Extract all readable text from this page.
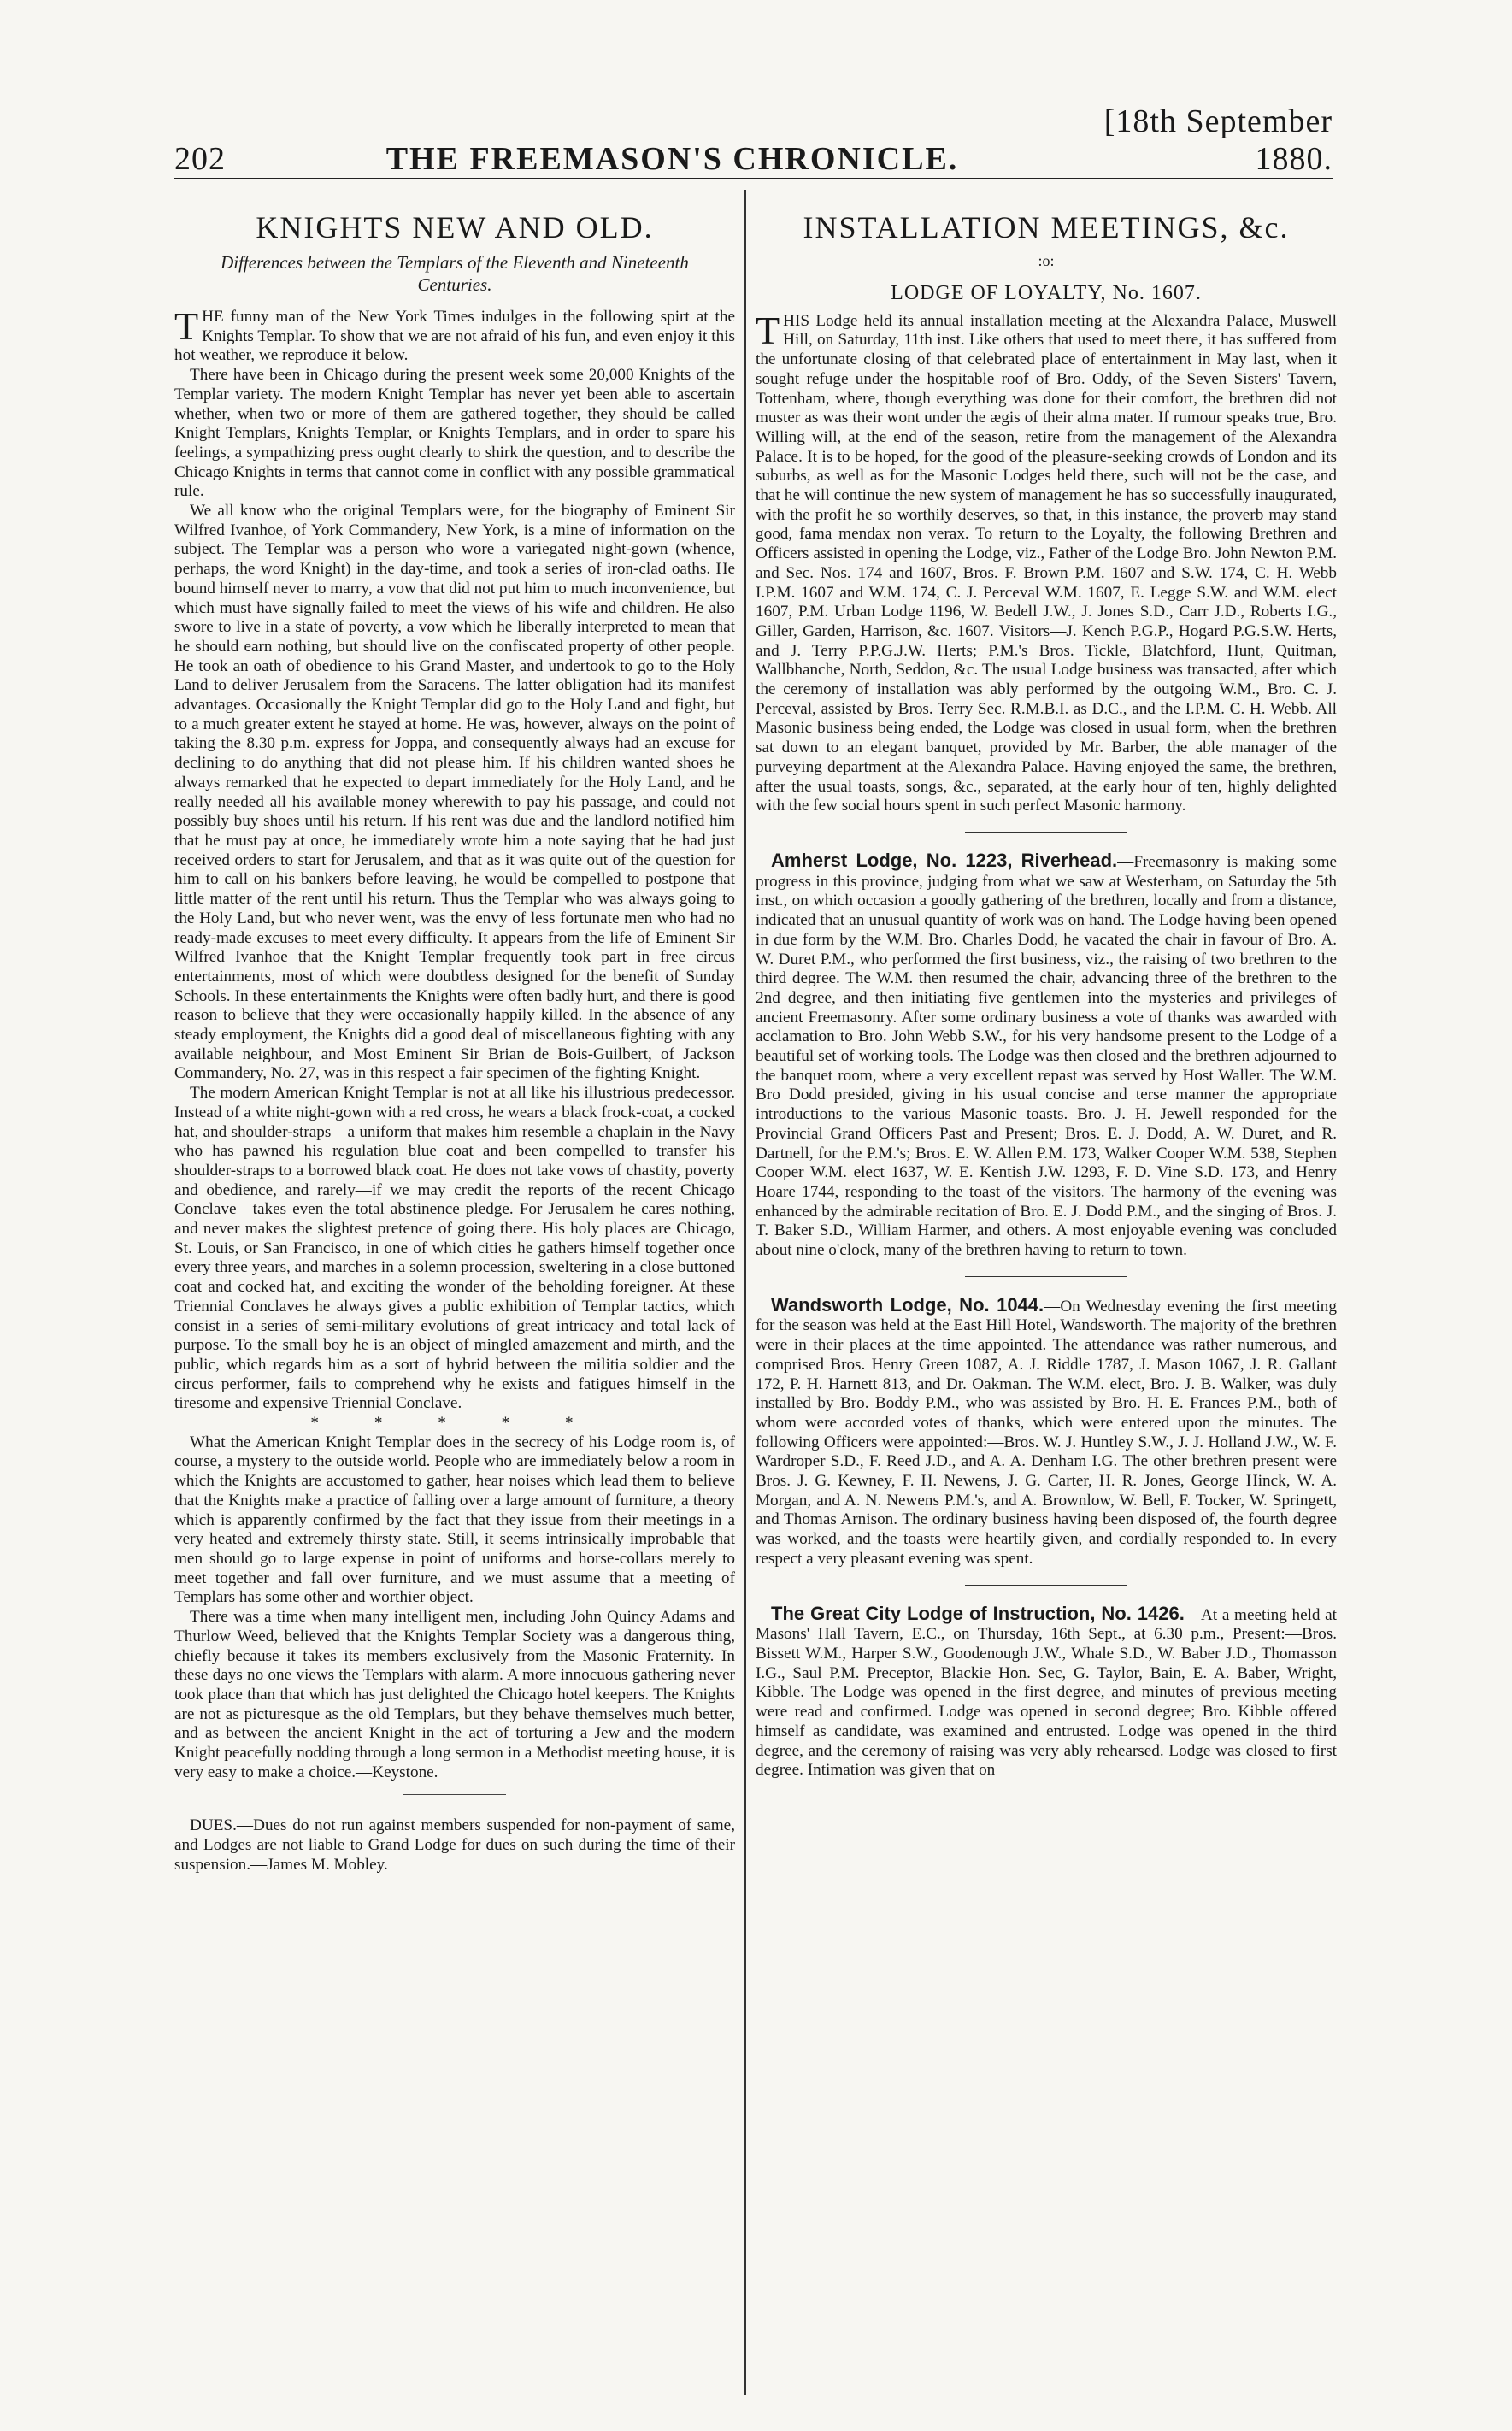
202	THE FREEMASON'S CHRONICLE.
[18th September 1880.
KNIGHTS NEW AND OLD.
Differences between the Templars of the Eleventh and Nineteenth Centuries.

THE funny man of the New York Times indulges in the following spirt at the Knights Templar. To show that we are not afraid of his fun, and even enjoy it this hot weather, we reproduce it below.

There have been in Chicago during the present week some 20,000 Knights of the Templar variety. The modern Knight Templar has never yet been able to ascertain whether, when two or more of them are gathered together, they should be called Knight Templars, Knights Templar, or Knights Templars, and in order to spare his feelings, a sympathizing press ought clearly to shirk the question, and to describe the Chicago Knights in terms that cannot come in conflict with any possible grammatical rule.

We all know who the original Templars were, for the biography of Eminent Sir Wilfred Ivanhoe, of York Commandery, New York, is a mine of information on the subject. The Templar was a person who wore a variegated night-gown (whence, perhaps, the word Knight) in the day-time, and took a series of iron-clad oaths. He bound himself never to marry, a vow that did not put him to much inconvenience, but which must have signally failed to meet the views of his wife and children. He also swore to live in a state of poverty, a vow which he liberally interpreted to mean that he should earn nothing, but should live on the confiscated property of other people. He took an oath of obedience to his Grand Master, and undertook to go to the Holy Land to deliver Jerusalem from the Saracens. The latter obligation had its manifest advantages. Occasionally the Knight Templar did go to the Holy Land and fight, but to a much greater extent he stayed at home. He was, however, always on the point of taking the 8.30 p.m. express for Joppa, and consequently always had an excuse for declining to do anything that did not please him. If his children wanted shoes he always remarked that he expected to depart immediately for the Holy Land, and he really needed all his available money wherewith to pay his passage, and could not possibly buy shoes until his return. If his rent was due and the landlord notified him that he must pay at once, he immediately wrote him a note saying that he had just received orders to start for Jerusalem, and that as it was quite out of the question for him to call on his bankers before leaving, he would be compelled to postpone that little matter of the rent until his return. Thus the Templar who was always going to the Holy Land, but who never went, was the envy of less fortunate men who had no ready-made excuses to meet every difficulty. It appears from the life of Eminent Sir Wilfred Ivanhoe that the Knight Templar frequently took part in free circus entertainments, most of which were doubtless designed for the benefit of Sunday Schools. In these entertainments the Knights were often badly hurt, and there is good reason to believe that they were occasionally happily killed. In the absence of any steady employment, the Knights did a good deal of miscellaneous fighting with any available neighbour, and Most Eminent Sir Brian de Bois-Guilbert, of Jackson Commandery, No. 27, was in this respect a fair specimen of the fighting Knight.

The modern American Knight Templar is not at all like his illustrious predecessor. Instead of a white night-gown with a red cross, he wears a black frock-coat, a cocked hat, and shoulder-straps—a uniform that makes him resemble a chaplain in the Navy who has pawned his regulation blue coat and been compelled to transfer his shoulder-straps to a borrowed black coat. He does not take vows of chastity, poverty and obedience, and rarely—if we may credit the reports of the recent Chicago Conclave—takes even the total abstinence pledge. For Jerusalem he cares nothing, and never makes the slightest pretence of going there. His holy places are Chicago, St. Louis, or San Francisco, in one of which cities he gathers himself together once every three years, and marches in a solemn procession, sweltering in a close buttoned coat and cocked hat, and exciting the wonder of the beholding foreigner. At these Triennial Conclaves he always gives a public exhibition of Templar tactics, which consist in a series of semi-military evolutions of great intricacy and total lack of purpose. To the small boy he is an object of mingled amazement and mirth, and the public, which regards him as a sort of hybrid between the militia soldier and the circus performer, fails to comprehend why he exists and fatigues himself in the tiresome and expensive Triennial Conclave.

* * * * *

What the American Knight Templar does in the secrecy of his Lodge room is, of course, a mystery to the outside world. People who are immediately below a room in which the Knights are accustomed to gather, hear noises which lead them to believe that the Knights make a practice of falling over a large amount of furniture, a theory which is apparently confirmed by the fact that they issue from their meetings in a very heated and extremely thirsty state. Still, it seems intrinsically improbable that men should go to large expense in point of uniforms and horse-collars merely to meet together and fall over furniture, and we must assume that a meeting of Templars has some other and worthier object.

There was a time when many intelligent men, including John Quincy Adams and Thurlow Weed, believed that the Knights Templar Society was a dangerous thing, chiefly because it takes its members exclusively from the Masonic Fraternity. In these days no one views the Templars with alarm. A more innocuous gathering never took place than that which has just delighted the Chicago hotel keepers. The Knights are not as picturesque as the old Templars, but they behave themselves much better, and as between the ancient Knight in the act of torturing a Jew and the modern Knight peacefully nodding through a long sermon in a Methodist meeting house, it is very easy to make a choice.—Keystone.

DUES.—Dues do not run against members suspended for non-payment of same, and Lodges are not liable to Grand Lodge for dues on such during the time of their suspension.—James M. Mobley.

INSTALLATION MEETINGS, &c.
—:o:—
LODGE OF LOYALTY, No. 1607.

THIS Lodge held its annual installation meeting at the Alexandra Palace, Muswell Hill, on Saturday, 11th inst. Like others that used to meet there, it has suffered from the unfortunate closing of that celebrated place of entertainment in May last, when it sought refuge under the hospitable roof of Bro. Oddy, of the Seven Sisters' Tavern, Tottenham, where, though everything was done for their comfort, the brethren did not muster as was their wont under the ægis of their alma mater. If rumour speaks true, Bro. Willing will, at the end of the season, retire from the management of the Alexandra Palace. It is to be hoped, for the good of the pleasure-seeking crowds of London and its suburbs, as well as for the Masonic Lodges held there, such will not be the case, and that he will continue the new system of management he has so successfully inaugurated, with the profit he so worthily deserves, so that, in this instance, the proverb may stand good, fama mendax non verax. To return to the Loyalty, the following Brethren and Officers assisted in opening the Lodge, viz., Father of the Lodge Bro. John Newton P.M. and Sec. Nos. 174 and 1607, Bros. F. Brown P.M. 1607 and S.W. 174, C. H. Webb I.P.M. 1607 and W.M. 174, C. J. Perceval W.M. 1607, E. Legge S.W. and W.M. elect 1607, P.M. Urban Lodge 1196, W. Bedell J.W., J. Jones S.D., Carr J.D., Roberts I.G., Giller, Garden, Harrison, &c. 1607. Visitors—J. Kench P.G.P., Hogard P.G.S.W. Herts, and J. Terry P.P.G.J.W. Herts; P.M.'s Bros. Tickle, Blatchford, Hunt, Quitman, Wallbhanche, North, Seddon, &c. The usual Lodge business was transacted, after which the ceremony of installation was ably performed by the outgoing W.M., Bro. C. J. Perceval, assisted by Bros. Terry Sec. R.M.B.I. as D.C., and the I.P.M. C. H. Webb. All Masonic business being ended, the Lodge was closed in usual form, when the brethren sat down to an elegant banquet, provided by Mr. Barber, the able manager of the purveying department at the Alexandra Palace. Having enjoyed the same, the brethren, after the usual toasts, songs, &c., separated, at the early hour of ten, highly delighted with the few social hours spent in such perfect Masonic harmony.

Amherst Lodge, No. 1223, Riverhead.—Freemasonry is making some progress in this province, judging from what we saw at Westerham, on Saturday the 5th inst., on which occasion a goodly gathering of the brethren, locally and from a distance, indicated that an unusual quantity of work was on hand. The Lodge having been opened in due form by the W.M. Bro. Charles Dodd, he vacated the chair in favour of Bro. A. W. Duret P.M., who performed the first business, viz., the raising of two brethren to the third degree. The W.M. then resumed the chair, advancing three of the brethren to the 2nd degree, and then initiating five gentlemen into the mysteries and privileges of ancient Freemasonry. After some ordinary business a vote of thanks was awarded with acclamation to Bro. John Webb S.W., for his very handsome present to the Lodge of a beautiful set of working tools. The Lodge was then closed and the brethren adjourned to the banquet room, where a very excellent repast was served by Host Waller. The W.M. Bro Dodd presided, giving in his usual concise and terse manner the appropriate introductions to the various Masonic toasts. Bro. J. H. Jewell responded for the Provincial Grand Officers Past and Present; Bros. E. J. Dodd, A. W. Duret, and R. Dartnell, for the P.M.'s; Bros. E. W. Allen P.M. 173, Walker Cooper W.M. 538, Stephen Cooper W.M. elect 1637, W. E. Kentish J.W. 1293, F. D. Vine S.D. 173, and Henry Hoare 1744, responding to the toast of the visitors. The harmony of the evening was enhanced by the admirable recitation of Bro. E. J. Dodd P.M., and the singing of Bros. J. T. Baker S.D., William Harmer, and others. A most enjoyable evening was concluded about nine o'clock, many of the brethren having to return to town.

Wandsworth Lodge, No. 1044.—On Wednesday evening the first meeting for the season was held at the East Hill Hotel, Wandsworth. The majority of the brethren were in their places at the time appointed. The attendance was rather numerous, and comprised Bros. Henry Green 1087, A. J. Riddle 1787, J. Mason 1067, J. R. Gallant 172, P. H. Harnett 813, and Dr. Oakman. The W.M. elect, Bro. J. B. Walker, was duly installed by Bro. Boddy P.M., who was assisted by Bro. H. E. Frances P.M., both of whom were accorded votes of thanks, which were entered upon the minutes. The following Officers were appointed:—Bros. W. J. Huntley S.W., J. J. Holland J.W., W. F. Wardroper S.D., F. Reed J.D., and A. A. Denham I.G. The other brethren present were Bros. J. G. Kewney, F. H. Newens, J. G. Carter, H. R. Jones, George Hinck, W. A. Morgan, and A. N. Newens P.M.'s, and A. Brownlow, W. Bell, F. Tocker, W. Springett, and Thomas Arnison. The ordinary business having been disposed of, the fourth degree was worked, and the toasts were heartily given, and cordially responded to. In every respect a very pleasant evening was spent.

The Great City Lodge of Instruction, No. 1426.—At a meeting held at Masons' Hall Tavern, E.C., on Thursday, 16th Sept., at 6.30 p.m., Present:—Bros. Bissett W.M., Harper S.W., Goodenough J.W., Whale S.D., W. Baber J.D., Thomasson I.G., Saul P.M. Preceptor, Blackie Hon. Sec, G. Taylor, Bain, E. A. Baber, Wright, Kibble. The Lodge was opened in the first degree, and minutes of previous meeting were read and confirmed. Lodge was opened in second degree; Bro. Kibble offered himself as candidate, was examined and entrusted. Lodge was opened in the third degree, and the ceremony of raising was very ably rehearsed. Lodge was closed to first degree. Intimation was given that on
